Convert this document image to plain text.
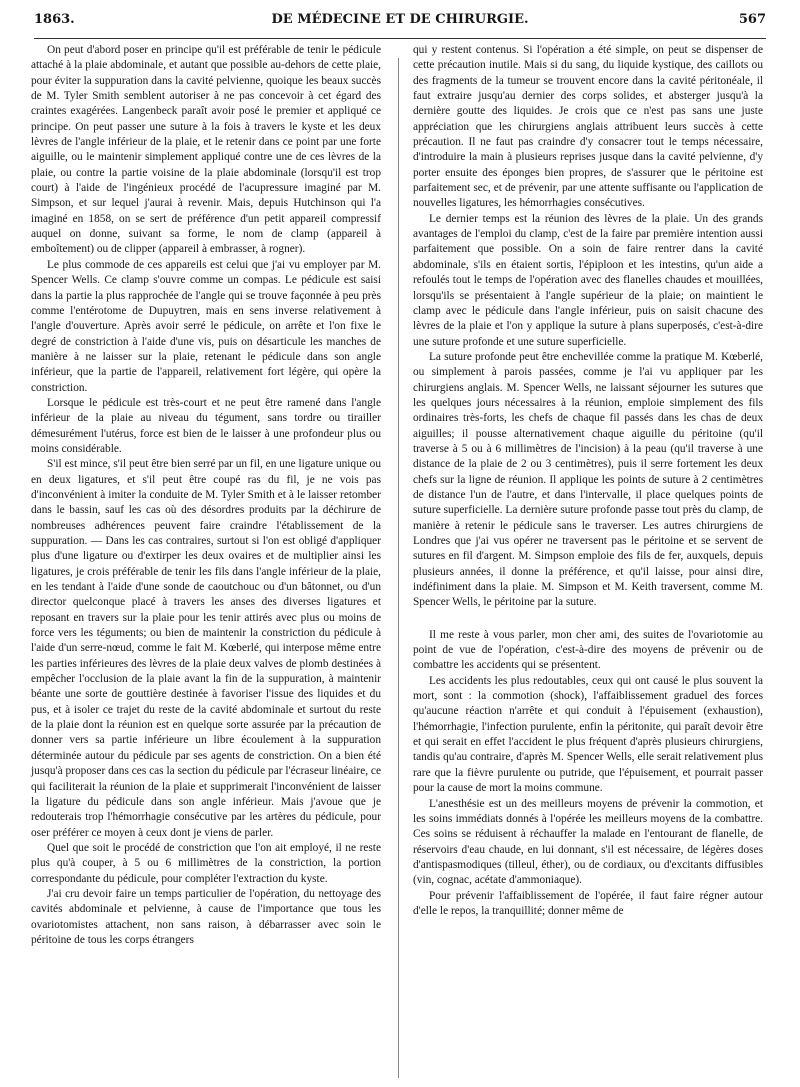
1863.	DE MÉDECINE ET DE CHIRURGIE.	567

On peut d'abord poser en principe qu'il est préférable de tenir le pédicule attaché à la plaie abdominale, et autant que possible au-dehors de cette plaie, pour éviter la suppuration dans la cavité pelvienne, quoique les beaux succès de M. Tyler Smith semblent autoriser à ne pas concevoir à cet égard des craintes exagérées. Langenbeck paraît avoir posé le premier et appliqué ce principe. On peut passer une suture à la fois à travers le kyste et les deux lèvres de l'angle inférieur de la plaie, et le retenir dans ce point par une forte aiguille, ou le maintenir simplement appliqué contre une de ces lèvres de la plaie, ou contre la partie voisine de la plaie abdominale (lorsqu'il est trop court) à l'aide de l'ingénieux procédé de l'acupressure imaginé par M. Simpson, et sur lequel j'aurai à revenir. Mais, depuis Hutchinson qui l'a imaginé en 1858, on se sert de préférence d'un petit appareil compressif auquel on donne, suivant sa forme, le nom de clamp (appareil à emboîtement) ou de clipper (appareil à embrasser, à rogner).

Le plus commode de ces appareils est celui que j'ai vu employer par M. Spencer Wells. Ce clamp s'ouvre comme un compas. Le pédicule est saisi dans la partie la plus rapprochée de l'angle qui se trouve façonnée à peu près comme l'entérotome de Dupuytren, mais en sens inverse relativement à l'angle d'ouverture. Après avoir serré le pédicule, on arrête et l'on fixe le degré de constriction à l'aide d'une vis, puis on désarticule les manches de manière à ne laisser sur la plaie, retenant le pédicule dans son angle inférieur, que la partie de l'appareil, relativement fort légère, qui opère la constriction.

Lorsque le pédicule est très-court et ne peut être ramené dans l'angle inférieur de la plaie au niveau du tégument, sans tordre ou tirailler démesurément l'utérus, force est bien de le laisser à une profondeur plus ou moins considérable.

S'il est mince, s'il peut être bien serré par un fil, en une ligature unique ou en deux ligatures, et s'il peut être coupé ras du fil, je ne vois pas d'inconvénient à imiter la conduite de M. Tyler Smith et à le laisser retomber dans le bassin, sauf les cas où des désordres produits par la déchirure de nombreuses adhérences peuvent faire craindre l'établissement de la suppuration. — Dans les cas contraires, surtout si l'on est obligé d'appliquer plus d'une ligature ou d'extirper les deux ovaires et de multiplier ainsi les ligatures, je crois préférable de tenir les fils dans l'angle inférieur de la plaie, en les tendant à l'aide d'une sonde de caoutchouc ou d'un bâtonnet, ou d'un director quelconque placé à travers les anses des diverses ligatures et reposant en travers sur la plaie pour les tenir attirés avec plus ou moins de force vers les téguments; ou bien de maintenir la constriction du pédicule à l'aide d'un serre-nœud, comme le fait M. Kœberlé, qui interpose même entre les parties inférieures des lèvres de la plaie deux valves de plomb destinées à empêcher l'occlusion de la plaie avant la fin de la suppuration, à maintenir béante une sorte de gouttière destinée à favoriser l'issue des liquides et du pus, et à isoler ce trajet du reste de la cavité abdominale et surtout du reste de la plaie dont la réunion est en quelque sorte assurée par la précaution de donner vers sa partie inférieure un libre écoulement à la suppuration déterminée autour du pédicule par ses agents de constriction. On a bien été jusqu'à proposer dans ces cas la section du pédicule par l'écraseur linéaire, ce qui faciliterait la réunion de la plaie et supprimerait l'inconvénient de laisser la ligature du pédicule dans son angle inférieur. Mais j'avoue que je redouterais trop l'hémorrhagie consécutive par les artères du pédicule, pour oser préférer ce moyen à ceux dont je viens de parler.

Quel que soit le procédé de constriction que l'on ait employé, il ne reste plus qu'à couper, à 5 ou 6 millimètres de la constriction, la portion correspondante du pédicule, pour compléter l'extraction du kyste.

J'ai cru devoir faire un temps particulier de l'opération, du nettoyage des cavités abdominale et pelvienne, à cause de l'importance que tous les ovariotomistes attachent, non sans raison, à débarrasser avec soin le péritoine de tous les corps étrangers

qui y restent contenus. Si l'opération a été simple, on peut se dispenser de cette précaution inutile. Mais si du sang, du liquide kystique, des caillots ou des fragments de la tumeur se trouvent encore dans la cavité péritonéale, il faut extraire jusqu'au dernier des corps solides, et absterger jusqu'à la dernière goutte des liquides. Je crois que ce n'est pas sans une juste appréciation que les chirurgiens anglais attribuent leurs succès à cette précaution. Il ne faut pas craindre d'y consacrer tout le temps nécessaire, d'introduire la main à plusieurs reprises jusque dans la cavité pelvienne, d'y porter ensuite des éponges bien propres, de s'assurer que le péritoine est parfaitement sec, et de prévenir, par une attente suffisante ou l'application de nouvelles ligatures, les hémorrhagies consécutives.

Le dernier temps est la réunion des lèvres de la plaie. Un des grands avantages de l'emploi du clamp, c'est de la faire par première intention aussi parfaitement que possible. On a soin de faire rentrer dans la cavité abdominale, s'ils en étaient sortis, l'épiploon et les intestins, qu'un aide a refoulés tout le temps de l'opération avec des flanelles chaudes et mouillées, lorsqu'ils se présentaient à l'angle supérieur de la plaie; on maintient le clamp avec le pédicule dans l'angle inférieur, puis on saisit chacune des lèvres de la plaie et l'on y applique la suture à plans superposés, c'est-à-dire une suture profonde et une suture superficielle.

La suture profonde peut être enchevillée comme la pratique M. Kœberlé, ou simplement à parois passées, comme je l'ai vu appliquer par les chirurgiens anglais. M. Spencer Wells, ne laissant séjourner les sutures que les quelques jours nécessaires à la réunion, emploie simplement des fils ordinaires très-forts, les chefs de chaque fil passés dans les chas de deux aiguilles; il pousse alternativement chaque aiguille du péritoine (qu'il traverse à 5 ou à 6 millimètres de l'incision) à la peau (qu'il traverse à une distance de la plaie de 2 ou 3 centimètres), puis il serre fortement les deux chefs sur la ligne de réunion. Il applique les points de suture à 2 centimètres de distance l'un de l'autre, et dans l'intervalle, il place quelques points de suture superficielle. La dernière suture profonde passe tout près du clamp, de manière à retenir le pédicule sans le traverser. Les autres chirurgiens de Londres que j'ai vus opérer ne traversent pas le péritoine et se servent de sutures en fil d'argent. M. Simpson emploie des fils de fer, auxquels, depuis plusieurs années, il donne la préférence, et qu'il laisse, pour ainsi dire, indéfiniment dans la plaie. M. Simpson et M. Keith traversent, comme M. Spencer Wells, le péritoine par la suture.

Il me reste à vous parler, mon cher ami, des suites de l'ovariotomie au point de vue de l'opération, c'est-à-dire des moyens de prévenir ou de combattre les accidents qui se présentent.

Les accidents les plus redoutables, ceux qui ont causé le plus souvent la mort, sont : la commotion (shock), l'affaiblissement graduel des forces qu'aucune réaction n'arrête et qui conduit à l'épuisement (exhaustion), l'hémorrhagie, l'infection purulente, enfin la péritonite, qui paraît devoir être et qui serait en effet l'accident le plus fréquent d'après plusieurs chirurgiens, tandis qu'au contraire, d'après M. Spencer Wells, elle serait relativement plus rare que la fièvre purulente ou putride, que l'épuisement, et pourrait passer pour la cause de mort la moins commune.

L'anesthésie est un des meilleurs moyens de prévenir la commotion, et les soins immédiats donnés à l'opérée les meilleurs moyens de la combattre. Ces soins se réduisent à réchauffer la malade en l'entourant de flanelle, de réservoirs d'eau chaude, en lui donnant, s'il est nécessaire, de légères doses d'antispasmodiques (tilleul, éther), ou de cordiaux, ou d'excitants diffusibles (vin, cognac, acétate d'ammoniaque).

Pour prévenir l'affaiblissement de l'opérée, il faut faire régner autour d'elle le repos, la tranquillité; donner même de
